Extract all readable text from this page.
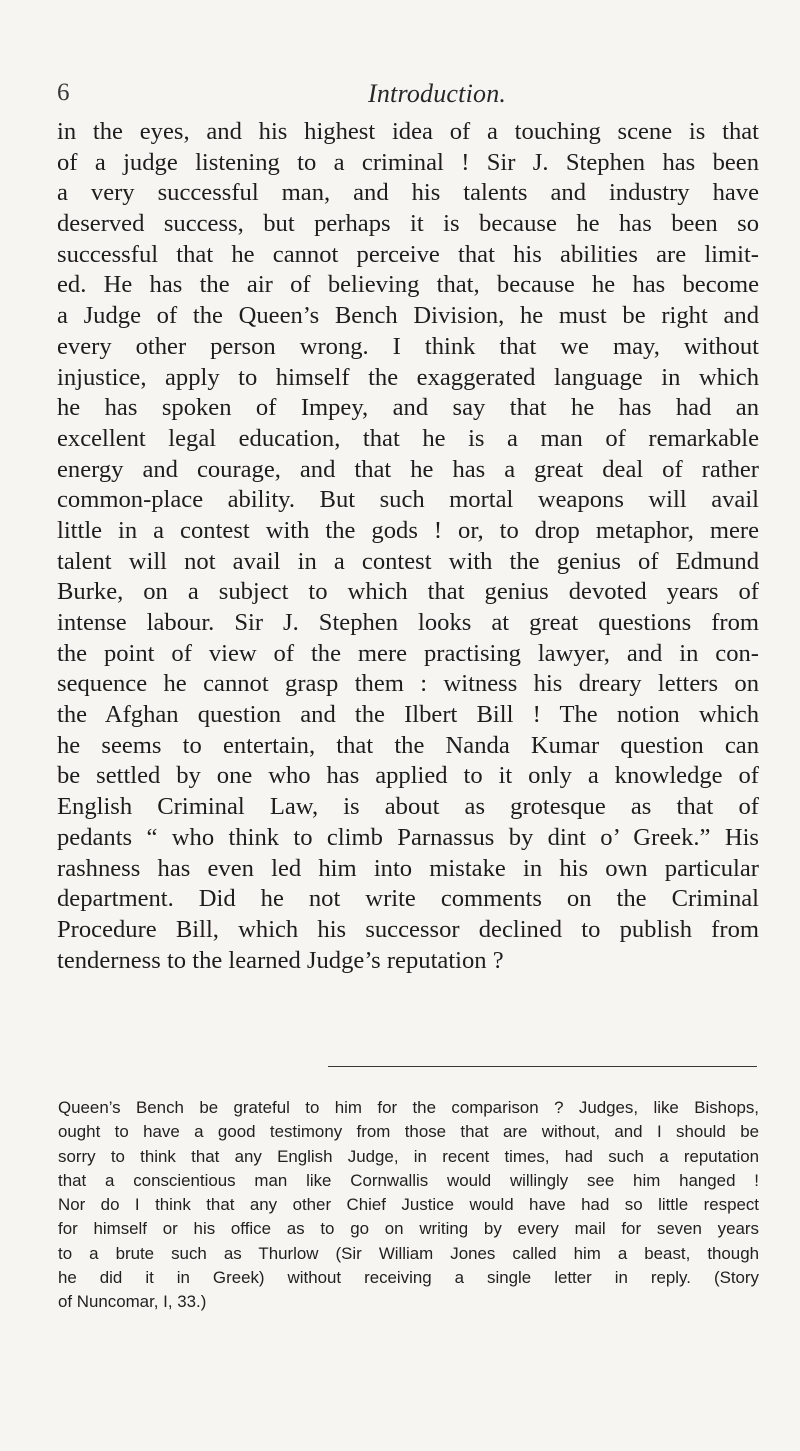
6	Introduction.
in the eyes, and his highest idea of a touching scene is that
of a judge listening to a criminal ! Sir J. Stephen has been
a very successful man, and his talents and industry have
deserved success, but perhaps it is because he has been so
successful that he cannot perceive that his abilities are limit-
ed. He has the air of believing that, because he has become
a Judge of the Queen’s Bench Division, he must be right and
every other person wrong. I think that we may, without
injustice, apply to himself the exaggerated language in which
he has spoken of Impey, and say that he has had an
excellent legal education, that he is a man of remarkable
energy and courage, and that he has a great deal of rather
common-place ability. But such mortal weapons will avail
little in a contest with the gods ! or, to drop metaphor, mere
talent will not avail in a contest with the genius of Edmund
Burke, on a subject to which that genius devoted years of
intense labour. Sir J. Stephen looks at great questions from
the point of view of the mere practising lawyer, and in con-
sequence he cannot grasp them : witness his dreary letters on
the Afghan question and the Ilbert Bill ! The notion which
he seems to entertain, that the Nanda Kumar question can
be settled by one who has applied to it only a knowledge of
English Criminal Law, is about as grotesque as that of
pedants “ who think to climb Parnassus by dint o’ Greek.” His
rashness has even led him into mistake in his own particular
department. Did he not write comments on the Criminal
Procedure Bill, which his successor declined to publish from
tenderness to the learned Judge’s reputation ?
Queen’s Bench be grateful to him for the comparison ? Judges, like Bishops,
ought to have a good testimony from those that are without, and I should be
sorry to think that any English Judge, in recent times, had such a reputation
that a conscientious man like Cornwallis would willingly see him hanged !
Nor do I think that any other Chief Justice would have had so little respect
for himself or his office as to go on writing by every mail for seven years
to a brute such as Thurlow (Sir William Jones called him a beast, though
he did it in Greek) without receiving a single letter in reply. (Story
of Nuncomar, I, 33.)
